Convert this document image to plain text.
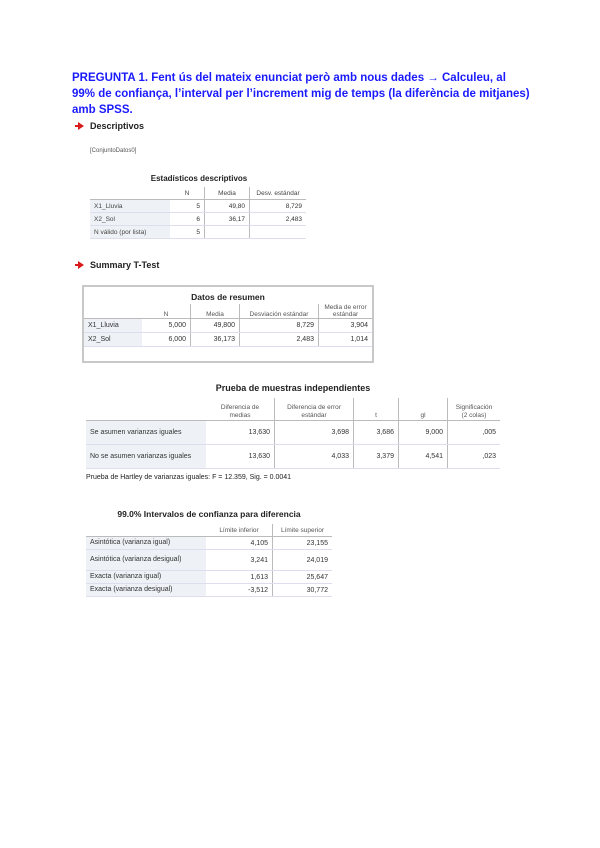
PREGUNTA 1. Fent ús del mateix enunciat però amb nous dades → Calculeu, al 99% de confiança, l’interval per l’increment mig de temps (la diferència de mitjanes) amb SPSS.
Descriptivos
[ConjuntoDatos0]
Estadísticos descriptivos
	N	Media	Desv. estándar
X1_Lluvia	5	49,80	8,729
X2_Sol	6	36,17	2,483
N válido (por lista)	5		
Summary T-Test
Datos de resumen
	N	Media	Desviación estándar	Media de error estándar
X1_Lluvia	5,000	49,800	8,729	3,904
X2_Sol	6,000	36,173	2,483	1,014
Prueba de muestras independientes
	Diferencia de medias	Diferencia de error estándar	t	gl	Significación (2 colas)
Se asumen varianzas iguales	13,630	3,698	3,686	9,000	,005
No se asumen varianzas iguales	13,630	4,033	3,379	4,541	,023
Prueba de Hartley de varianzas iguales: F = 12.359, Sig. = 0.0041
99.0% Intervalos de confianza para diferencia
	Límite inferior	Límite superior
Asintótica (varianza igual)	4,105	23,155
Asintótica (varianza desigual)	3,241	24,019
Exacta (varianza igual)	1,613	25,647
Exacta (varianza desigual)	-3,512	30,772
